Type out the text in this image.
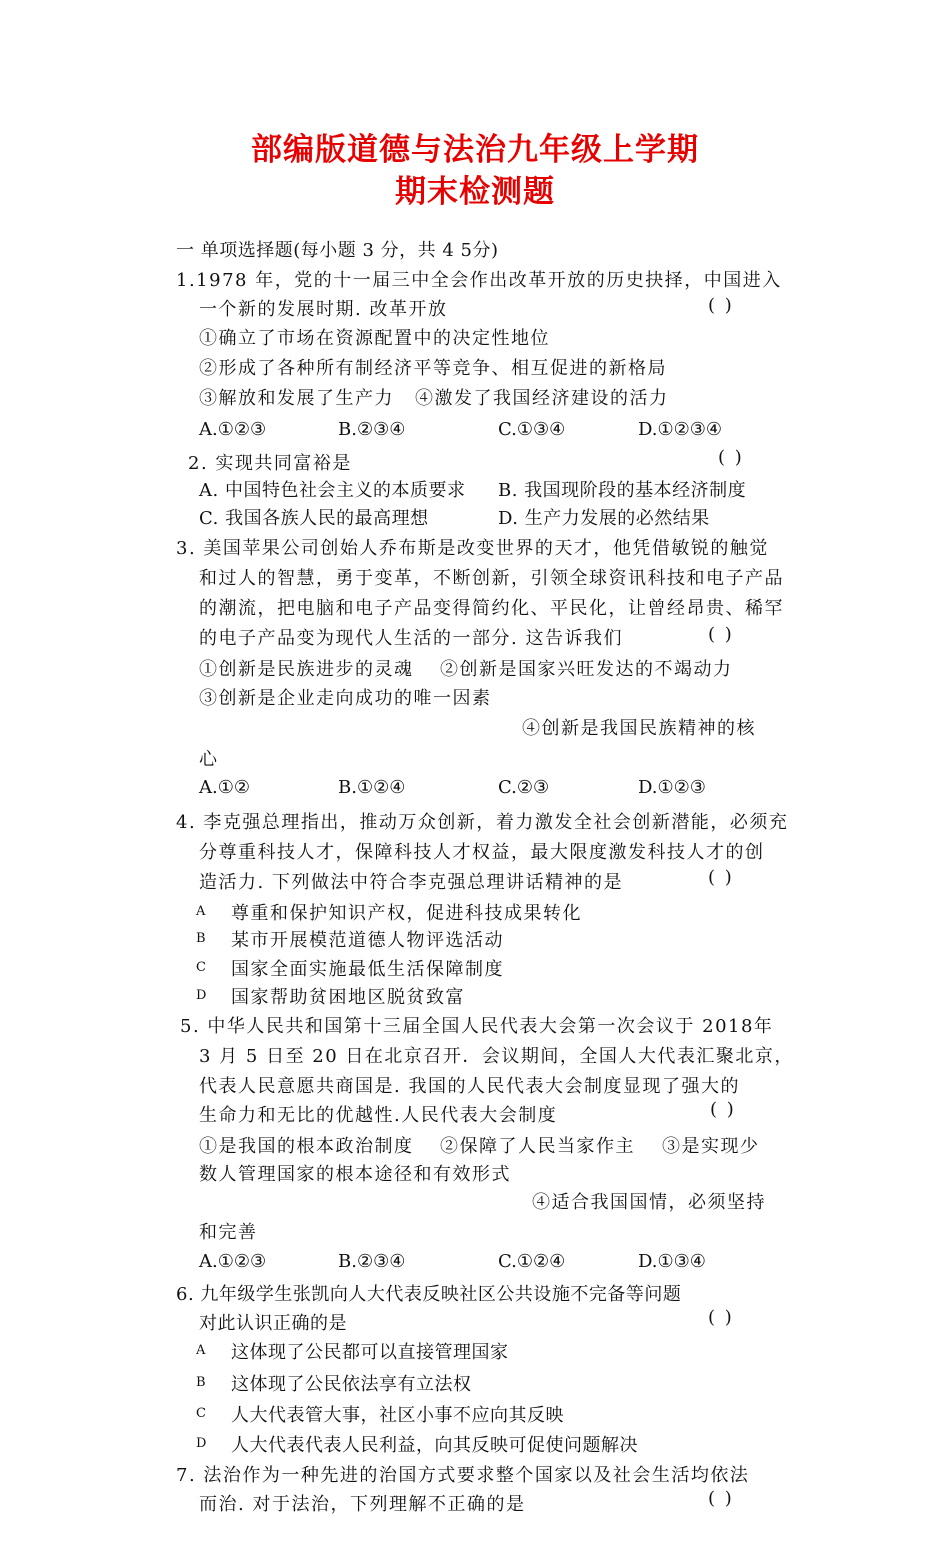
部编版道德与法治九年级上学期
期末检测题
一 单项选择题(每小题 3 分，共 4 5分)
1.1978 年，党的十一届三中全会作出改革开放的历史抉择，中国进入
一个新的发展时期. 改革开放	( )
①确立了市场在资源配置中的决定性地位
②形成了各种所有制经济平等竞争、相互促进的新格局
③解放和发展了生产力 ④激发了我国经济建设的活力
A.①②③	B.②③④	C.①③④	D.①②③④
2. 实现共同富裕是	( )
A. 中国特色社会主义的本质要求 B. 我国现阶段的基本经济制度
C. 我国各族人民的最高理想	D. 生产力发展的必然结果
3. 美国苹果公司创始人乔布斯是改变世界的天才，他凭借敏锐的触觉
和过人的智慧，勇于变革，不断创新，引领全球资讯科技和电子产品
的潮流，把电脑和电子产品变得简约化、平民化，让曾经昂贵、稀罕
的电子产品变为现代人生活的一部分. 这告诉我们	( )
①创新是民族进步的灵魂 ②创新是国家兴旺发达的不竭动力
③创新是企业走向成功的唯一因素
④创新是我国民族精神的核
心
A.①②	B.①②④	C.②③	D.①②③
4. 李克强总理指出，推动万众创新，着力激发全社会创新潜能，必须充
分尊重科技人才，保障科技人才权益，最大限度激发科技人才的创
造活力. 下列做法中符合李克强总理讲话精神的是	( )
A 尊重和保护知识产权，促进科技成果转化
B 某市开展模范道德人物评选活动
C 国家全面实施最低生活保障制度
D 国家帮助贫困地区脱贫致富
5. 中华人民共和国第十三届全国人民代表大会第一次会议于 2018年
3 月 5 日至 20 日在北京召开．会议期间，全国人大代表汇聚北京，
代表人民意愿共商国是. 我国的人民代表大会制度显现了强大的
生命力和无比的优越性.人民代表大会制度	( )
①是我国的根本政治制度 ②保障了人民当家作主 ③是实现少
数人管理国家的根本途径和有效形式
④适合我国国情，必须坚持
和完善
A.①②③	B.②③④	C.①②④	D.①③④
6. 九年级学生张凯向人大代表反映社区公共设施不完备等问题
对此认识正确的是	( )
A 这体现了公民都可以直接管理国家
B 这体现了公民依法享有立法权
C 人大代表管大事，社区小事不应向其反映
D 人大代表代表人民利益，向其反映可促使问题解决
7. 法治作为一种先进的治国方式要求整个国家以及社会生活均依法
而治. 对于法治，下列理解不正确的是	( )
